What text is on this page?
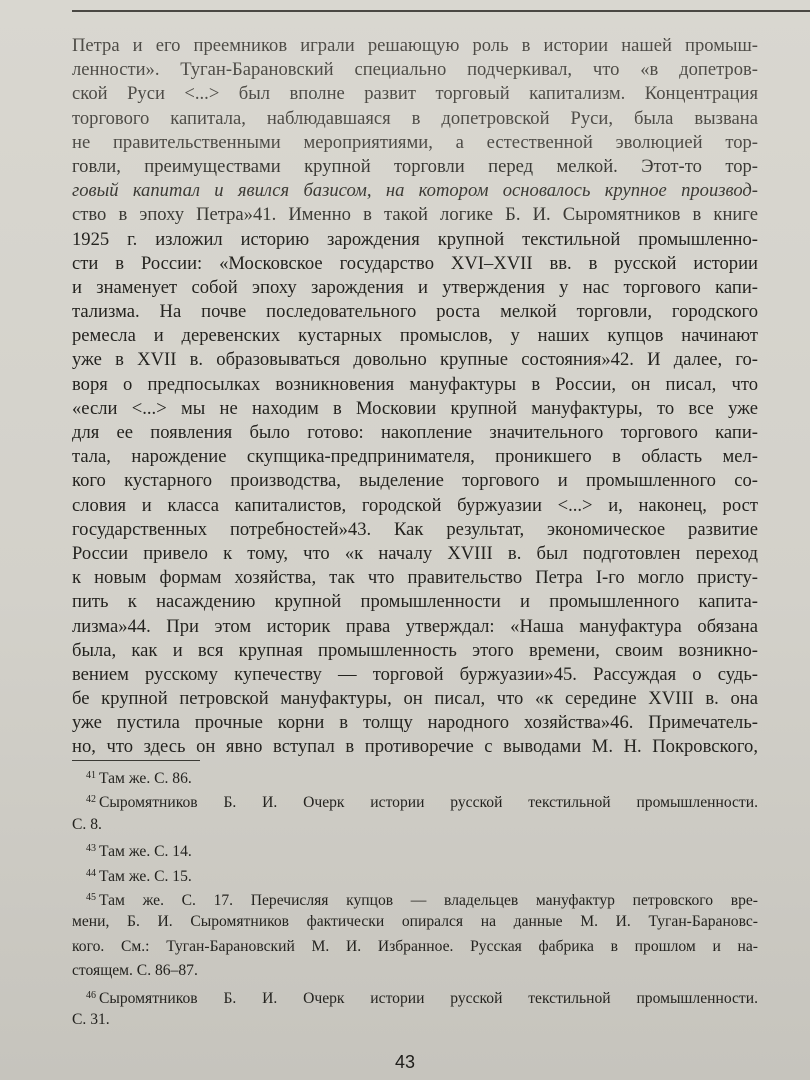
Петра и его преемников играли решающую роль в истории нашей промыш-
ленности». Туган-Барановский специально подчеркивал, что «в допетров-
ской Руси <...> был вполне развит торговый капитализм. Концентрация
торгового капитала, наблюдавшаяся в допетровской Руси, была вызвана
не правительственными мероприятиями, а естественной эволюцией тор-
говли, преимуществами крупной торговли перед мелкой. Этот-то тор-
говый капитал и явился базисом, на котором основалось крупное производ-
ство в эпоху Петра»41. Именно в такой логике Б. И. Сыромятников в книге
1925 г. изложил историю зарождения крупной текстильной промышленно-
сти в России: «Московское государство XVI–XVII вв. в русской истории
и знаменует собой эпоху зарождения и утверждения у нас торгового капи-
тализма. На почве последовательного роста мелкой торговли, городского
ремесла и деревенских кустарных промыслов, у наших купцов начинают
уже в XVII в. образовываться довольно крупные состояния»42. И далее, го-
воря о предпосылках возникновения мануфактуры в России, он писал, что
«если <...> мы не находим в Московии крупной мануфактуры, то все уже
для ее появления было готово: накопление значительного торгового капи-
тала, нарождение скупщика-предпринимателя, проникшего в область мел-
кого кустарного производства, выделение торгового и промышленного со-
словия и класса капиталистов, городской буржуазии <...> и, наконец, рост
государственных потребностей»43. Как результат, экономическое развитие
России привело к тому, что «к началу XVIII в. был подготовлен переход
к новым формам хозяйства, так что правительство Петра I-го могло присту-
пить к насаждению крупной промышленности и промышленного капита-
лизма»44. При этом историк права утверждал: «Наша мануфактура обязана
была, как и вся крупная промышленность этого времени, своим возникно-
вением русскому купечеству — торговой буржуазии»45. Рассуждая о судь-
бе крупной петровской мануфактуры, он писал, что «к середине XVIII в. она
уже пустила прочные корни в толщу народного хозяйства»46. Примечатель-
но, что здесь он явно вступал в противоречие с выводами М. Н. Покровского,
$^{41}$ Там же. С. 86.
$^{42}$ Сыромятников Б. И. Очерк истории русской текстильной промышленности.
С. 8.
$^{43}$ Там же. С. 14.
$^{44}$ Там же. С. 15.
$^{45}$ Там же. С. 17. Перечисляя купцов — владельцев мануфактур петровского вре-
мени, Б. И. Сыромятников фактически опирался на данные М. И. Туган-Барановс-
кого. См.: Туган-Барановский М. И. Избранное. Русская фабрика в прошлом и на-
стоящем. С. 86–87.
$^{46}$ Сыромятников Б. И. Очерк истории русской текстильной промышленности.
С. 31.
43
